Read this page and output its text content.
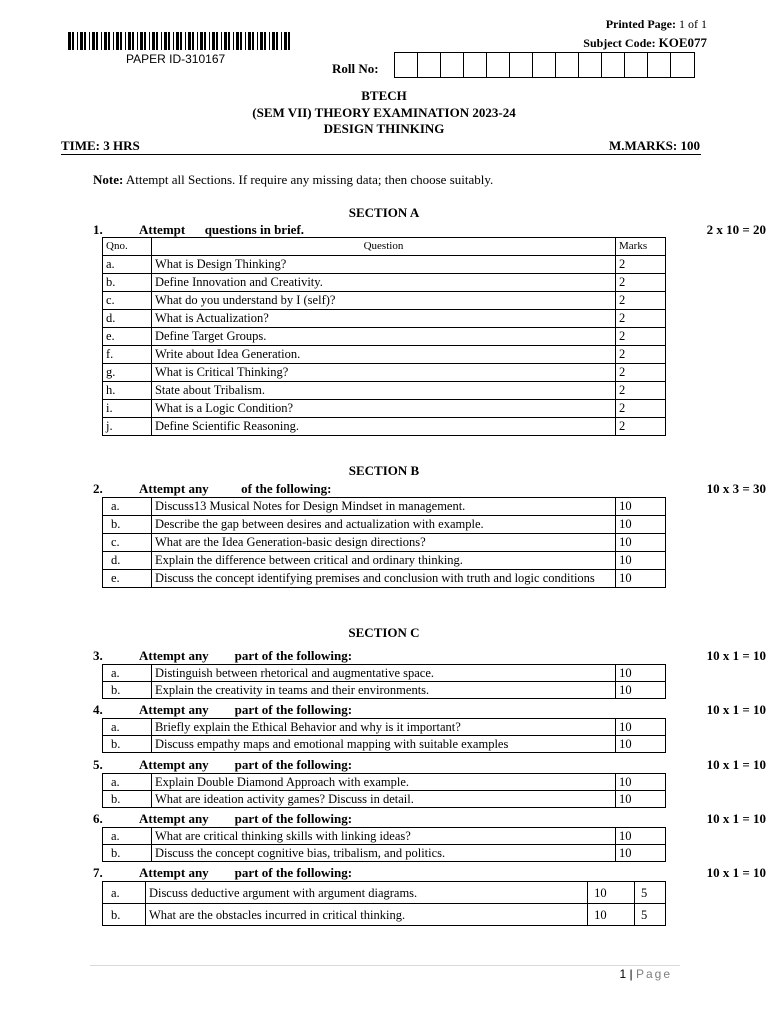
PAPER ID-310167
Printed Page: 1 of 1
Subject Code: KOE077
Roll No:
BTECH
(SEM VII) THEORY EXAMINATION 2023-24
DESIGN THINKING
TIME: 3 HRS	M.MARKS: 100
Note: Attempt all Sections. If require any missing data; then choose suitably.
SECTION A
1.	Attempt      questions in brief.	2 x 10 = 20
Qno.	Question	Marks
a.	What is Design Thinking?	2
b.	Define Innovation and Creativity.	2
c.	What do you understand by I (self)?	2
d.	What is Actualization?	2
e.	Define Target Groups.	2
f.	Write about Idea Generation.	2
g.	What is Critical Thinking?	2
h.	State about Tribalism.	2
i.	What is a Logic Condition?	2
j.	Define Scientific Reasoning.	2
SECTION B
2.	Attempt any          of the following:	10 x 3 = 30
a.	Discuss13 Musical Notes for Design Mindset in management.	10
b.	Describe the gap between desires and actualization with example.	10
c.	What are the Idea Generation-basic design directions?	10
d.	Explain the difference between critical and ordinary thinking.	10
e.	Discuss the concept identifying premises and conclusion with truth and logic conditions	10
SECTION C
3.	Attempt any        part of the following:	10 x 1 = 10
a.	Distinguish between rhetorical and augmentative space.	10
b.	Explain the creativity in teams and their environments.	10
4.	Attempt any        part of the following:	10 x 1 = 10
a.	Briefly explain the Ethical Behavior and why is it important?	10
b.	Discuss empathy maps and emotional mapping with suitable examples	10
5.	Attempt any        part of the following:	10 x 1 = 10
a.	Explain Double Diamond Approach with example.	10
b.	What are ideation activity games? Discuss in detail.	10
6.	Attempt any        part of the following:	10 x 1 = 10
a.	What are critical thinking skills with linking ideas?	10
b.	Discuss the concept cognitive bias, tribalism, and politics.	10
7.	Attempt any        part of the following:	10 x 1 = 10
a.	Discuss deductive argument with argument diagrams.	10	5
b.	What are the obstacles incurred in critical thinking.	10	5
1 | Page
